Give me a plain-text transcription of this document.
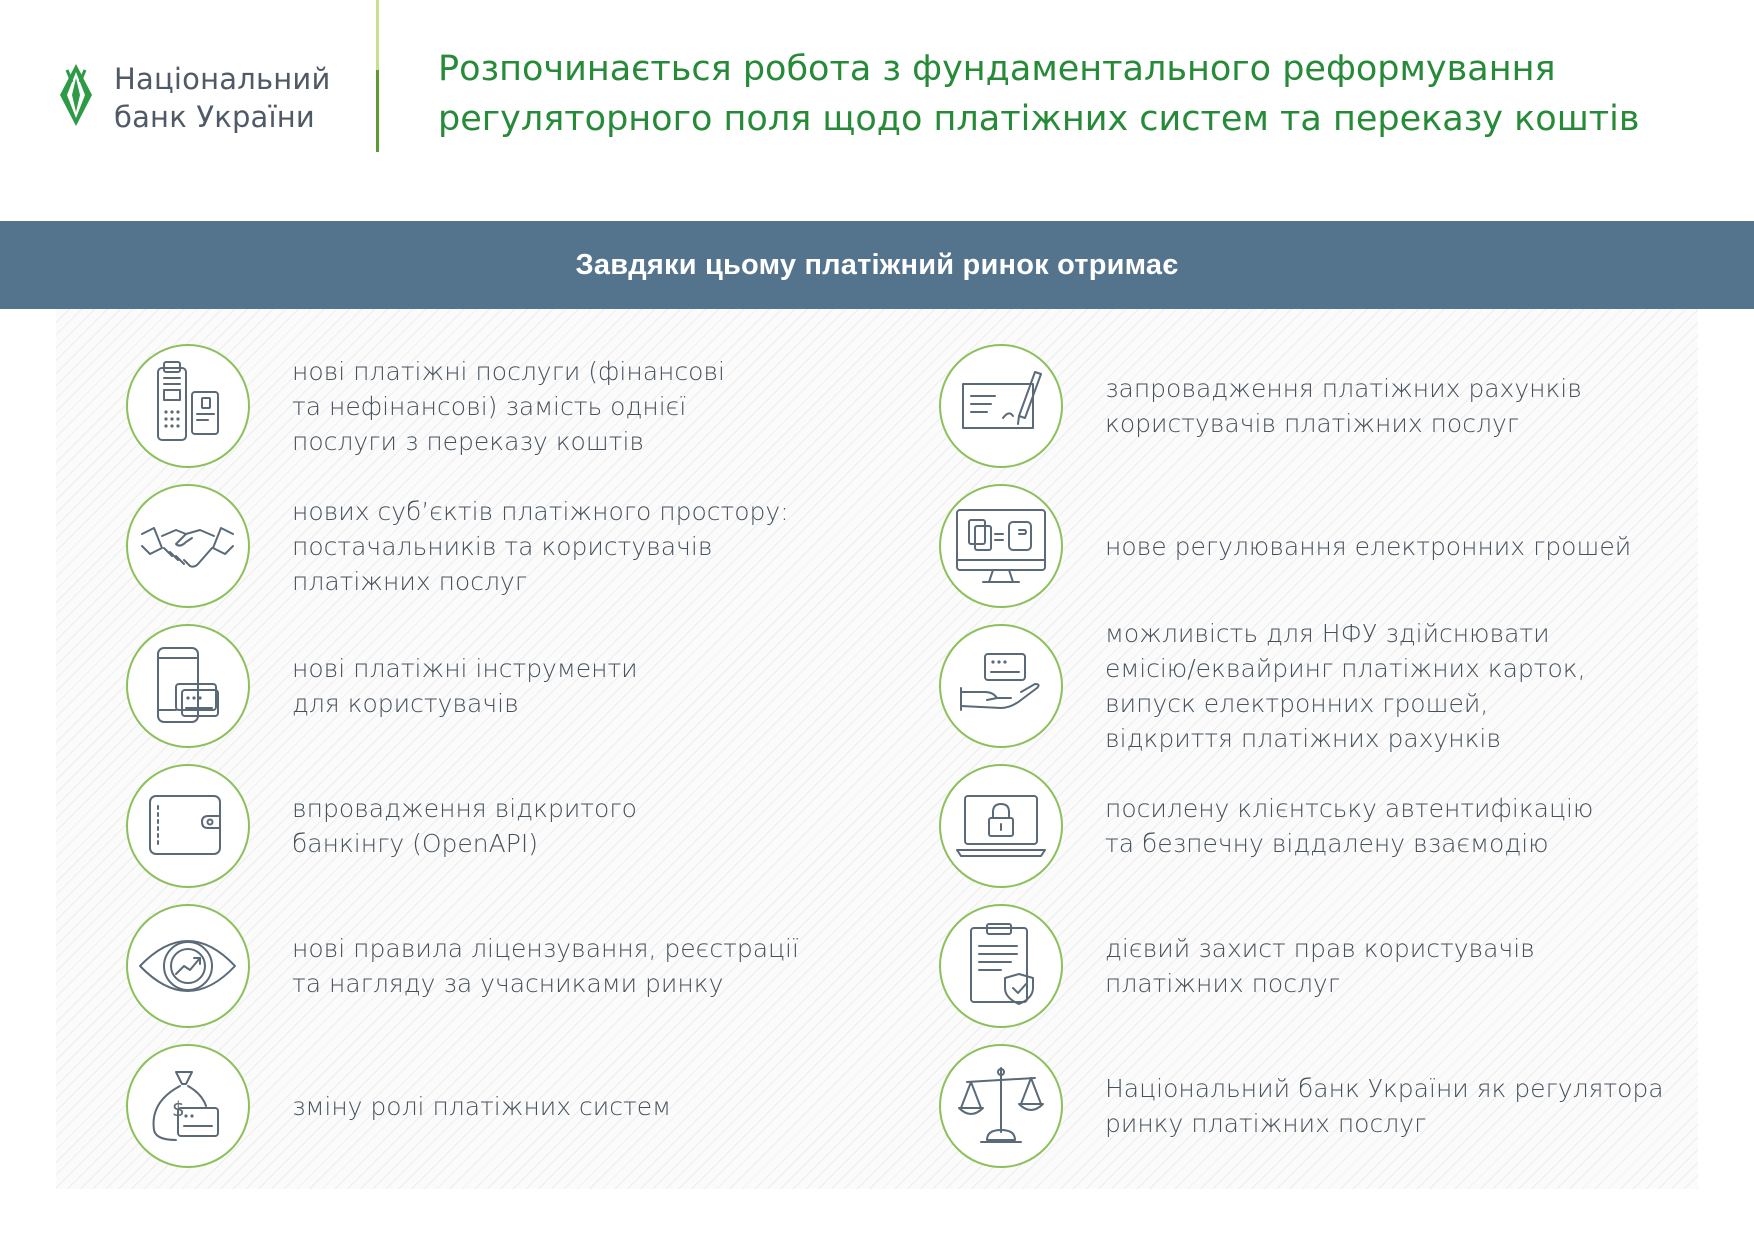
Національний
банк України
Розпочинається робота з фундаментального реформування
регуляторного поля щодо платіжних систем та переказу коштів
Завдяки цьому платіжний ринок отримає
нові платіжні послуги (фінансові
та нефінансові) замість однієї
послуги з переказу коштів
нових суб’єктів платіжного простору:
постачальників та користувачів
платіжних послуг
нові платіжні інструменти
для користувачів
впровадження відкритого
банкінгу (OpenAPI)
нові правила ліцензування, реєстрації
та нагляду за учасниками ринку
$	зміну ролі платіжних систем
запровадження платіжних рахунків
користувачів платіжних послуг
нове регулювання електронних грошей
можливість для НФУ здійснювати
емісію/еквайринг платіжних карток,
випуск електронних грошей,
відкриття платіжних рахунків
посилену клієнтську автентифікацію
та безпечну віддалену взаємодію
дієвий захист прав користувачів
платіжних послуг
Національний банк України як регулятора
ринку платіжних послуг
